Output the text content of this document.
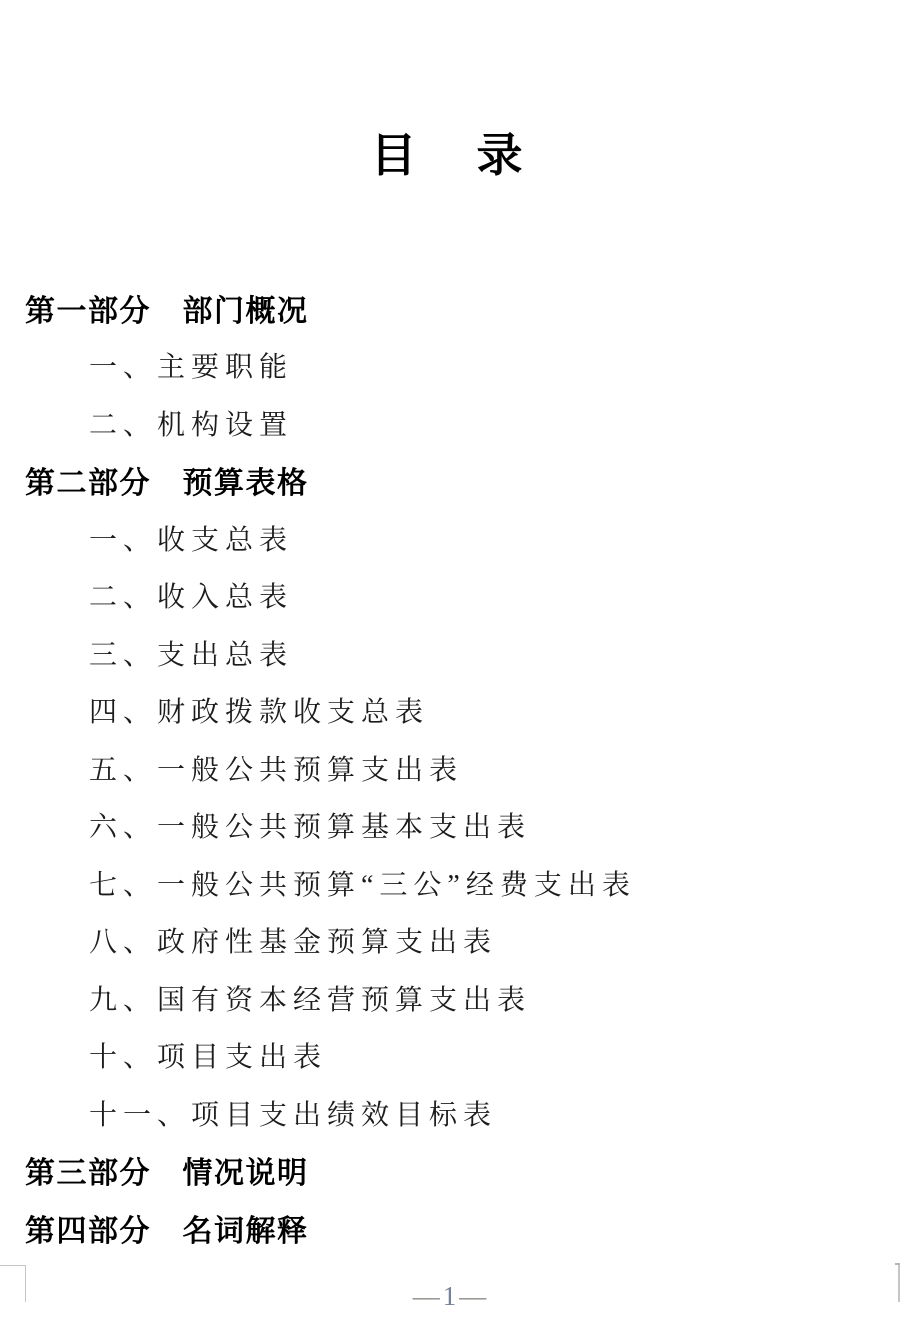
目　录
第一部分　部门概况
一、主要职能
二、机构设置
第二部分　预算表格
一、收支总表
二、收入总表
三、支出总表
四、财政拨款收支总表
五、一般公共预算支出表
六、一般公共预算基本支出表
七、一般公共预算“三公”经费支出表
八、政府性基金预算支出表
九、国有资本经营预算支出表
十、项目支出表
十一、项目支出绩效目标表
第三部分　情况说明
第四部分　名词解释
—1—
